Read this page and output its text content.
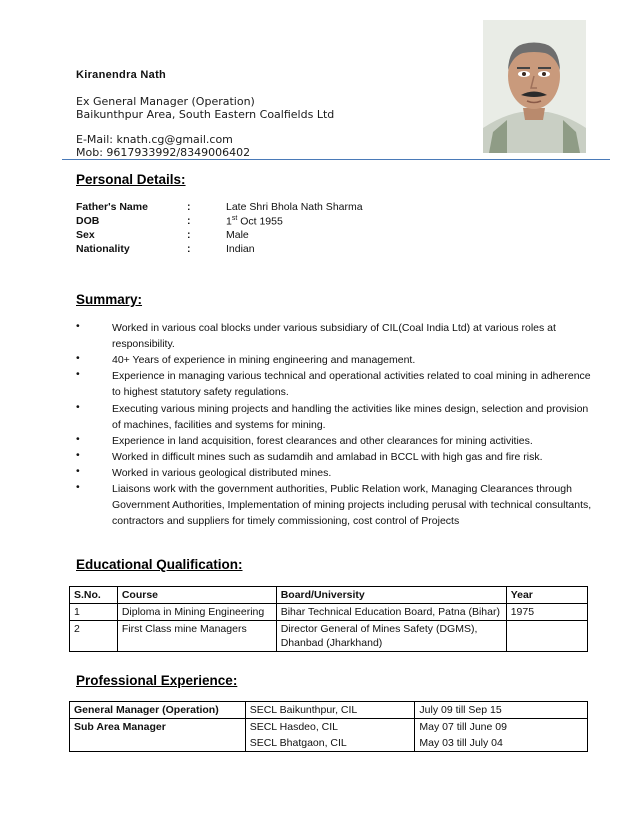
Kiranendra Nath
Ex General Manager (Operation)
Baikunthpur Area, South Eastern Coalfields Ltd
E-Mail: knath.cg@gmail.com
Mob: 9617933992/8349006402
Personal Details:
Father's Name	:	Late Shri Bhola Nath Sharma
DOB	:	1st Oct 1955
Sex	:	Male
Nationality	:	Indian
Summary:
•	Worked in various coal blocks under various subsidiary of CIL(Coal India Ltd) at various roles at responsibility.
•	40+ Years of experience in mining engineering and management.
•	Experience in managing various technical and operational activities related to coal mining in adherence to highest statutory safety regulations.
•	Executing various mining projects and handling the activities like mines design, selection and provision of machines, facilities and systems for mining.
•	Experience in land acquisition, forest clearances and other clearances for mining activities.
•	Worked in difficult mines such as sudamdih and amlabad in BCCL with high gas and fire risk.
•	Worked in various geological distributed mines.
•	Liaisons work with the government authorities, Public Relation work, Managing Clearances through Government Authorities, Implementation of mining projects including perusal with technical consultants, contractors and suppliers for timely commissioning, cost control of Projects
Educational Qualification:
S.No.	Course	Board/University	Year
1	Diploma in Mining Engineering	Bihar Technical Education Board, Patna (Bihar)	1975
2	First Class mine Managers	Director General of Mines Safety (DGMS), Dhanbad (Jharkhand)	
Professional Experience:
General Manager (Operation)	SECL Baikunthpur, CIL	July 09 till Sep 15
Sub Area Manager	SECL Hasdeo, CIL	May 07 till June 09
	SECL Bhatgaon, CIL	May 03 till July 04
